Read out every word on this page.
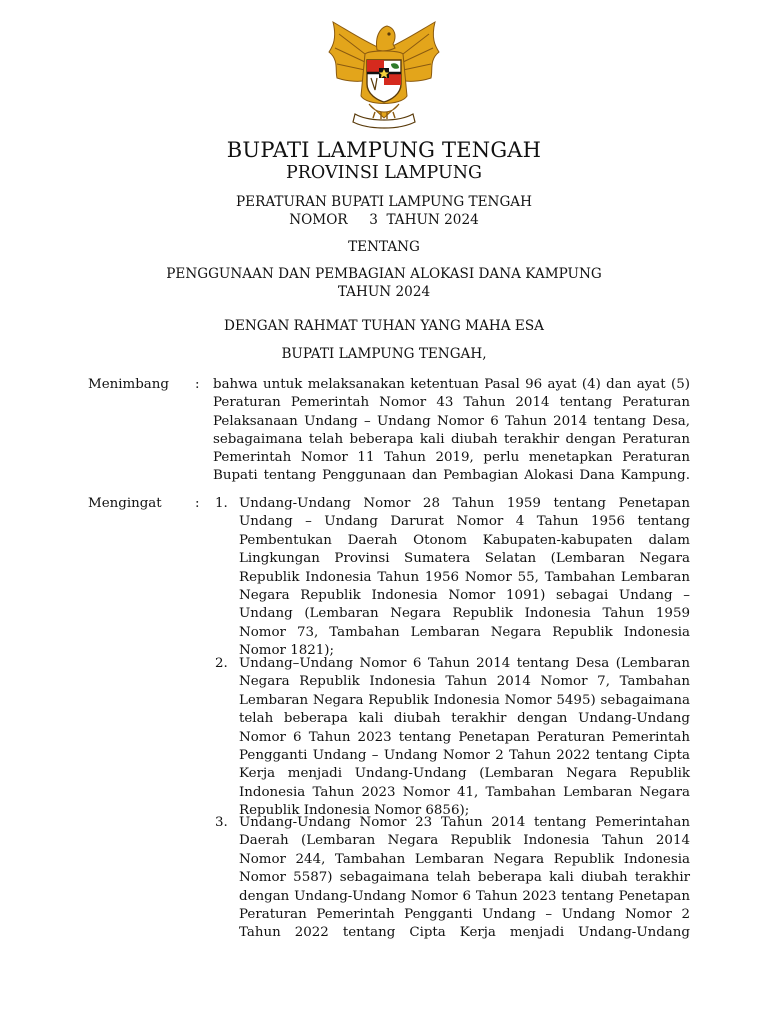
BUPATI LAMPUNG TENGAH
PROVINSI LAMPUNG
PERATURAN BUPATI LAMPUNG TENGAH
NOMOR     3  TAHUN 2024
TENTANG
PENGGUNAAN DAN PEMBAGIAN ALOKASI DANA KAMPUNG
TAHUN 2024
DENGAN RAHMAT TUHAN YANG MAHA ESA
BUPATI LAMPUNG TENGAH,
Menimbang : bahwa untuk melaksanakan ketentuan Pasal 96 ayat (4) dan ayat (5) Peraturan Pemerintah Nomor 43 Tahun 2014 tentang Peraturan Pelaksanaan Undang – Undang Nomor 6 Tahun 2014 tentang Desa, sebagaimana telah beberapa kali diubah terakhir dengan Peraturan Pemerintah Nomor 11 Tahun 2019, perlu menetapkan Peraturan Bupati tentang Penggunaan dan Pembagian Alokasi Dana Kampung.
Mengingat : 1. Undang-Undang Nomor 28 Tahun 1959 tentang Penetapan Undang – Undang Darurat Nomor 4 Tahun 1956 tentang Pembentukan Daerah Otonom Kabupaten-kabupaten dalam Lingkungan Provinsi Sumatera Selatan (Lembaran Negara Republik Indonesia Tahun 1956 Nomor 55, Tambahan Lembaran Negara Republik Indonesia Nomor 1091) sebagai Undang – Undang (Lembaran Negara Republik Indonesia Tahun 1959 Nomor 73, Tambahan Lembaran Negara Republik Indonesia Nomor 1821);
2. Undang–Undang Nomor 6 Tahun 2014 tentang Desa (Lembaran Negara Republik Indonesia Tahun 2014 Nomor 7, Tambahan Lembaran Negara Republik Indonesia Nomor 5495) sebagaimana telah beberapa kali diubah terakhir dengan Undang-Undang Nomor 6 Tahun 2023 tentang Penetapan Peraturan Pemerintah Pengganti Undang – Undang Nomor 2 Tahun 2022 tentang Cipta Kerja menjadi Undang-Undang (Lembaran Negara Republik Indonesia Tahun 2023 Nomor 41, Tambahan Lembaran Negara Republik Indonesia Nomor 6856);
3. Undang-Undang Nomor 23 Tahun 2014 tentang Pemerintahan Daerah (Lembaran Negara Republik Indonesia Tahun 2014 Nomor 244, Tambahan Lembaran Negara Republik Indonesia Nomor 5587) sebagaimana telah beberapa kali diubah terakhir dengan Undang-Undang Nomor 6 Tahun 2023 tentang Penetapan Peraturan Pemerintah Pengganti Undang – Undang Nomor 2 Tahun 2022 tentang Cipta Kerja menjadi Undang-Undang
